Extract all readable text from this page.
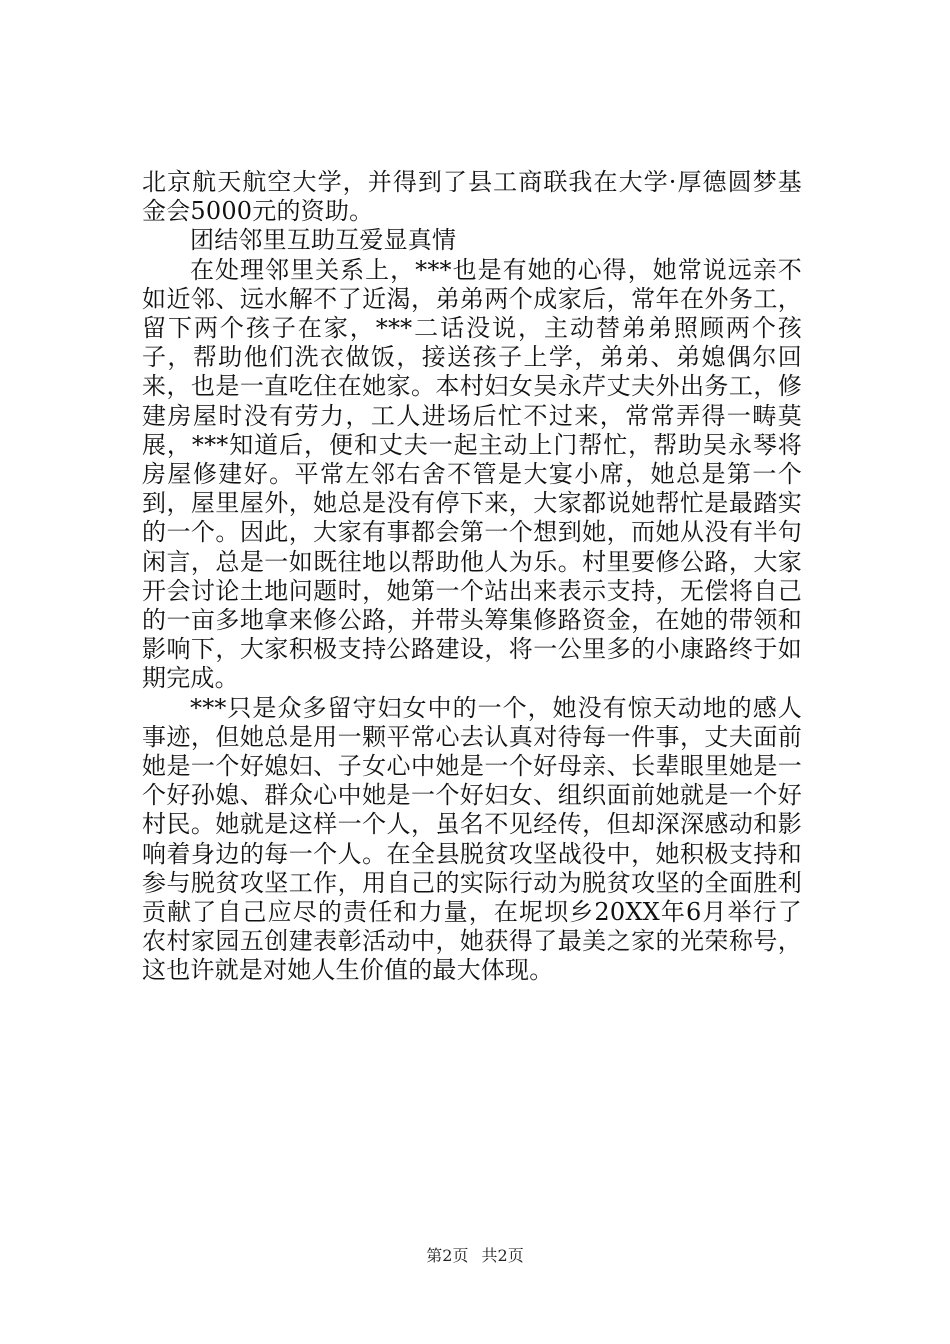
北京航天航空大学，并得到了县工商联我在大学·厚德圆梦基金会5000元的资助。

团结邻里互助互爱显真情

在处理邻里关系上，***也是有她的心得，她常说远亲不如近邻、远水解不了近渴，弟弟两个成家后，常年在外务工，留下两个孩子在家，***二话没说，主动替弟弟照顾两个孩子，帮助他们洗衣做饭，接送孩子上学，弟弟、弟媳偶尔回来，也是一直吃住在她家。本村妇女吴永芹丈夫外出务工，修建房屋时没有劳力，工人进场后忙不过来，常常弄得一畴莫展，***知道后，便和丈夫一起主动上门帮忙，帮助吴永琴将房屋修建好。平常左邻右舍不管是大宴小席，她总是第一个到，屋里屋外，她总是没有停下来，大家都说她帮忙是最踏实的一个。因此，大家有事都会第一个想到她，而她从没有半句闲言，总是一如既往地以帮助他人为乐。村里要修公路，大家开会讨论土地问题时，她第一个站出来表示支持，无偿将自己的一亩多地拿来修公路，并带头筹集修路资金，在她的带领和影响下，大家积极支持公路建设，将一公里多的小康路终于如期完成。

***只是众多留守妇女中的一个，她没有惊天动地的感人事迹，但她总是用一颗平常心去认真对待每一件事，丈夫面前她是一个好媳妇、子女心中她是一个好母亲、长辈眼里她是一个好孙媳、群众心中她是一个好妇女、组织面前她就是一个好村民。她就是这样一个人，虽名不见经传，但却深深感动和影响着身边的每一个人。在全县脱贫攻坚战役中，她积极支持和参与脱贫攻坚工作，用自己的实际行动为脱贫攻坚的全面胜利贡献了自己应尽的责任和力量，在坭坝乡20XX年6月举行了农村家园五创建表彰活动中，她获得了最美之家的光荣称号，这也许就是对她人生价值的最大体现。

第2页 共2页
